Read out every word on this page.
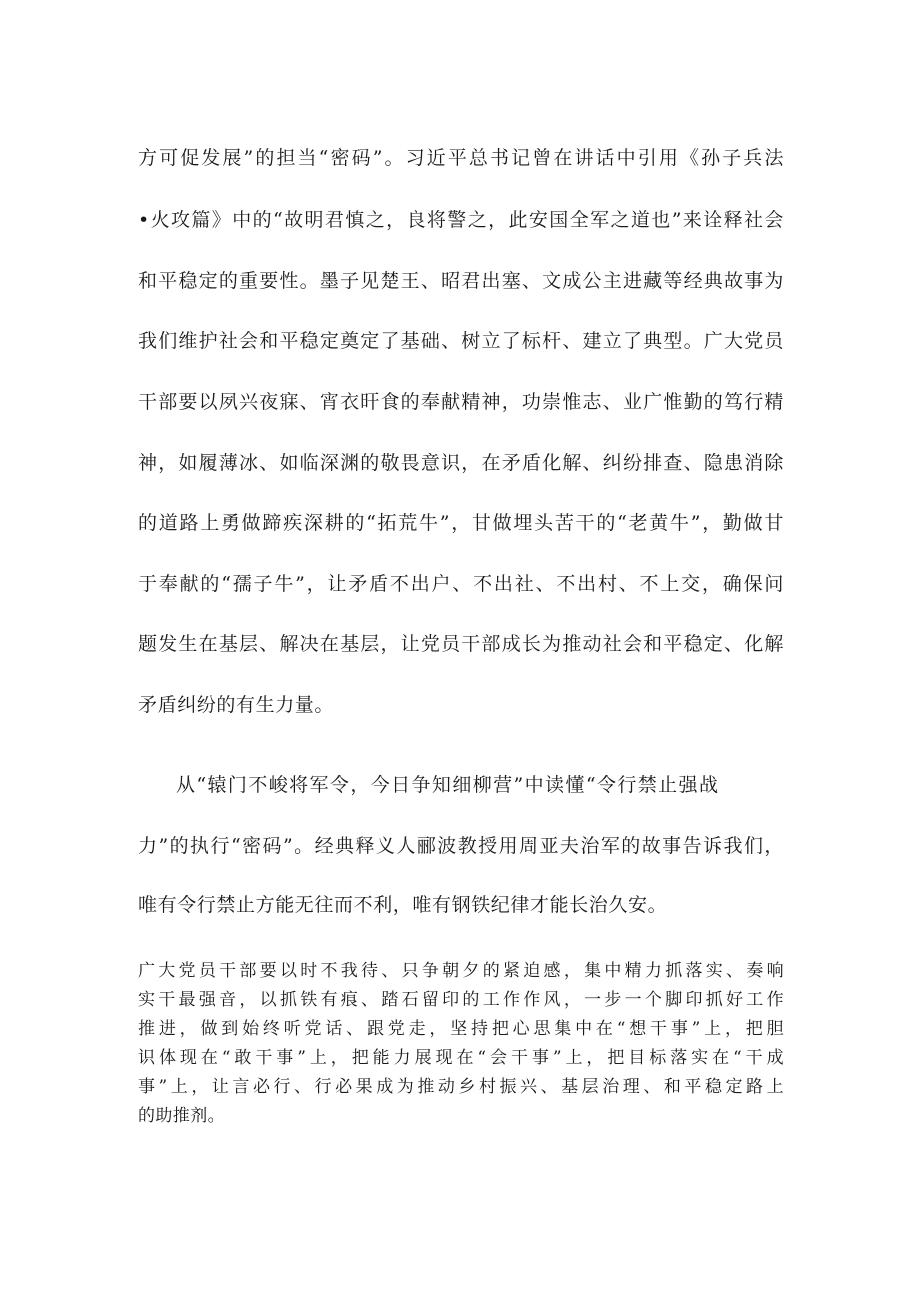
方可促发展”的担当“密码”。习近平总书记曾在讲话中引用《孙子兵法
•火攻篇》中的“故明君慎之，良将警之，此安国全军之道也”来诠释社会
和平稳定的重要性。墨子见楚王、昭君出塞、文成公主进藏等经典故事为
我们维护社会和平稳定奠定了基础、树立了标杆、建立了典型。广大党员
干部要以夙兴夜寐、宵衣旰食的奉献精神，功崇惟志、业广惟勤的笃行精
神，如履薄冰、如临深渊的敬畏意识，在矛盾化解、纠纷排查、隐患消除
的道路上勇做蹄疾深耕的“拓荒牛”，甘做埋头苦干的“老黄牛”，勤做甘
于奉献的“孺子牛”，让矛盾不出户、不出社、不出村、不上交，确保问
题发生在基层、解决在基层，让党员干部成长为推动社会和平稳定、化解
矛盾纠纷的有生力量。
从“辕门不峻将军令，今日争知细柳营”中读懂“令行禁止强战
力”的执行“密码”。经典释义人郦波教授用周亚夫治军的故事告诉我们，
唯有令行禁止方能无往而不利，唯有钢铁纪律才能长治久安。
广大党员干部要以时不我待、只争朝夕的紧迫感，集中精力抓落实、奏响
实干最强音，以抓铁有痕、踏石留印的工作作风，一步一个脚印抓好工作
推进，做到始终听党话、跟党走，坚持把心思集中在“想干事”上，把胆
识体现在“敢干事”上，把能力展现在“会干事”上，把目标落实在“干成
事”上，让言必行、行必果成为推动乡村振兴、基层治理、和平稳定路上
的助推剂。
